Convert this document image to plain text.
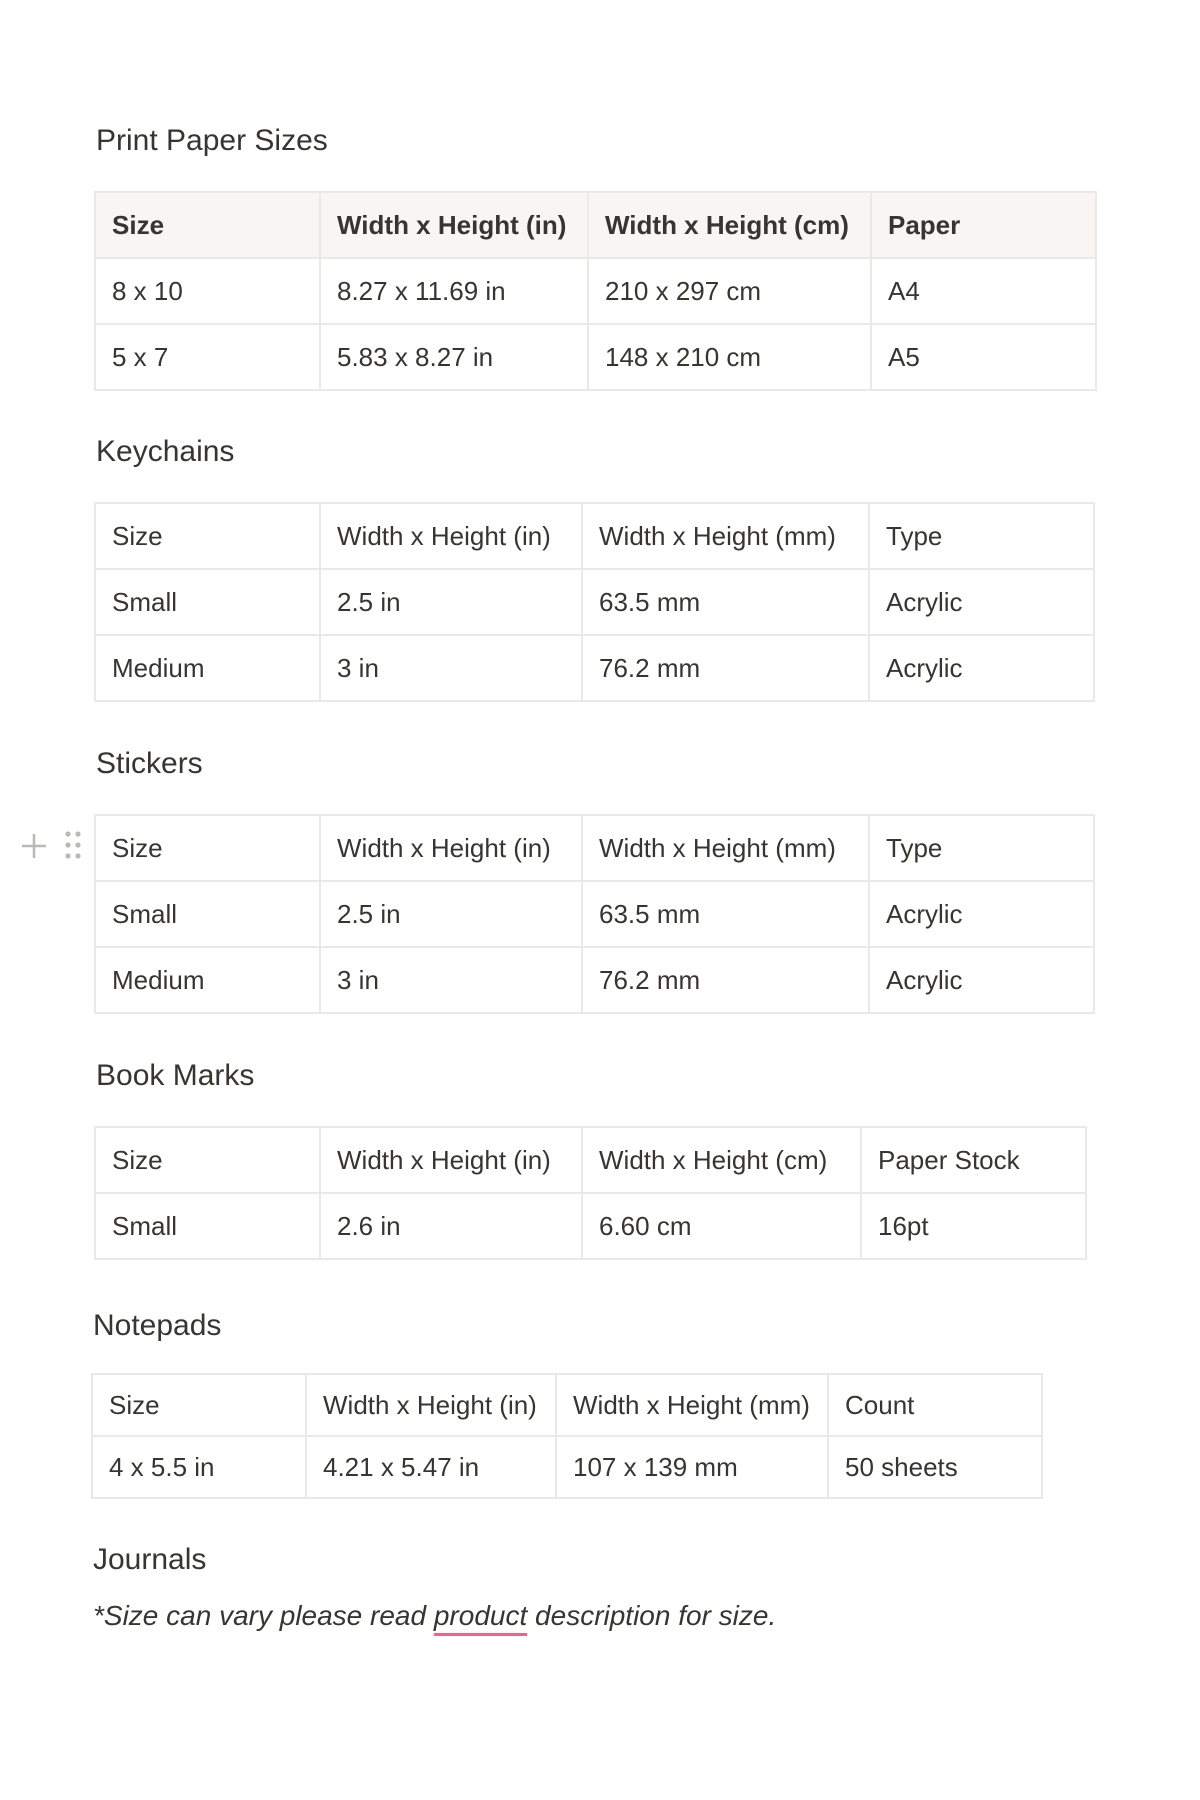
Print Paper Sizes
Size	Width x Height (in)	Width x Height (cm)	Paper
8 x 10	8.27 x 11.69 in	210 x 297 cm	A4
5 x 7	5.83 x 8.27 in	148 x 210 cm	A5
Keychains
Size	Width x Height (in)	Width x Height (mm)	Type
Small	2.5 in	63.5 mm	Acrylic
Medium	3 in	76.2 mm	Acrylic
Stickers
Size	Width x Height (in)	Width x Height (mm)	Type
Small	2.5 in	63.5 mm	Acrylic
Medium	3 in	76.2 mm	Acrylic
Book Marks
Size	Width x Height (in)	Width x Height (cm)	Paper Stock
Small	2.6 in	6.60 cm	16pt
Notepads
Size	Width x Height (in)	Width x Height (mm)	Count
4 x 5.5 in	4.21 x 5.47 in	107 x 139 mm	50 sheets
Journals
*Size can vary please read product description for size.
